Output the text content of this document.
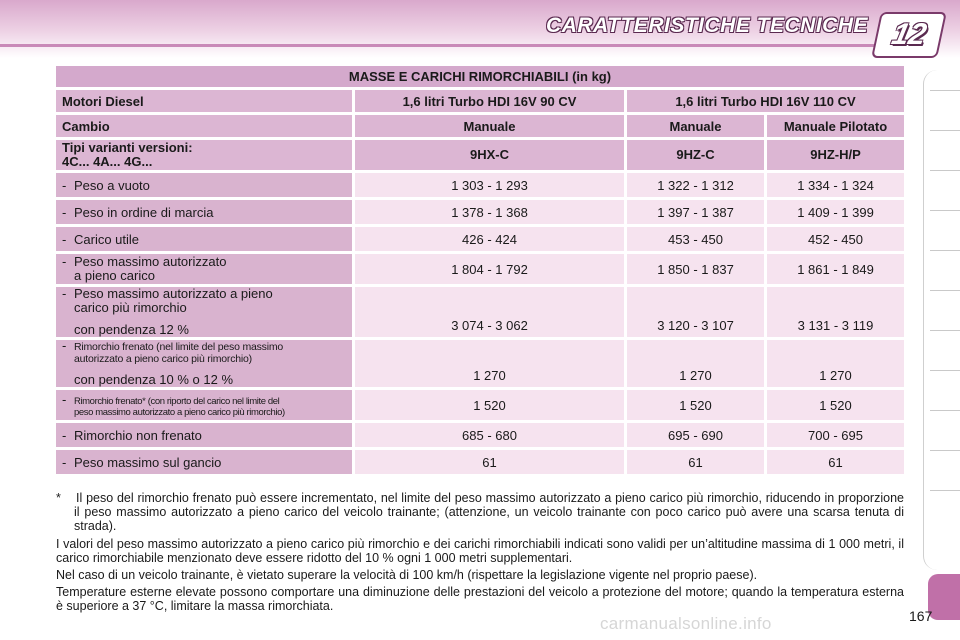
CARATTERISTICHE TECNICHE 12
MASSE E CARICHI RIMORCHIABILI (in kg)			
Motori Diesel	1,6 litri Turbo HDI 16V 90 CV	1,6 litri Turbo HDI 16V 110 CV	
Cambio	Manuale	Manuale	Manuale Pilotato
Tipi varianti versioni:
4C... 4A... 4G...	9HX-C	9HZ-C	9HZ-H/P
- Peso a vuoto	1 303 - 1 293	1 322 - 1 312	1 334 - 1 324
- Peso in ordine di marcia	1 378 - 1 368	1 397 - 1 387	1 409 - 1 399
- Carico utile	426 - 424	453 - 450	452 - 450
- Peso massimo autorizzato
a pieno carico	1 804 - 1 792	1 850 - 1 837	1 861 - 1 849
- Peso massimo autorizzato a pieno
carico più rimorchio
con pendenza 12 %	3 074 - 3 062	3 120 - 3 107	3 131 - 3 119
- Rimorchio frenato (nel limite del peso massimo
autorizzato a pieno carico più rimorchio)
con pendenza 10 % o 12 %	1 270	1 270	1 270
- Rimorchio frenato* (con riporto del carico nel limite del
peso massimo autorizzato a pieno carico più rimorchio)	1 520	1 520	1 520
- Rimorchio non frenato	685 - 680	695 - 690	700 - 695
- Peso massimo sul gancio	61	61	61

* Il peso del rimorchio frenato può essere incrementato, nel limite del peso massimo autorizzato a pieno carico più rimorchio, riducendo in proporzione il peso massimo autorizzato a pieno carico del veicolo trainante; (attenzione, un veicolo trainante con poco carico può avere una scarsa tenuta di strada).

I valori del peso massimo autorizzato a pieno carico più rimorchio e dei carichi rimorchiabili indicati sono validi per un’altitudine massima di 1 000 metri, il carico rimorchiabile menzionato deve essere ridotto del 10 % ogni 1 000 metri supplementari.

Nel caso di un veicolo trainante, è vietato superare la velocità di 100 km/h (rispettare la legislazione vigente nel proprio paese).

Temperature esterne elevate possono comportare una diminuzione delle prestazioni del veicolo a protezione del motore; quando la temperatura esterna è superiore a 37 °C, limitare la massa rimorchiata.

carmanualsonline.info	167
